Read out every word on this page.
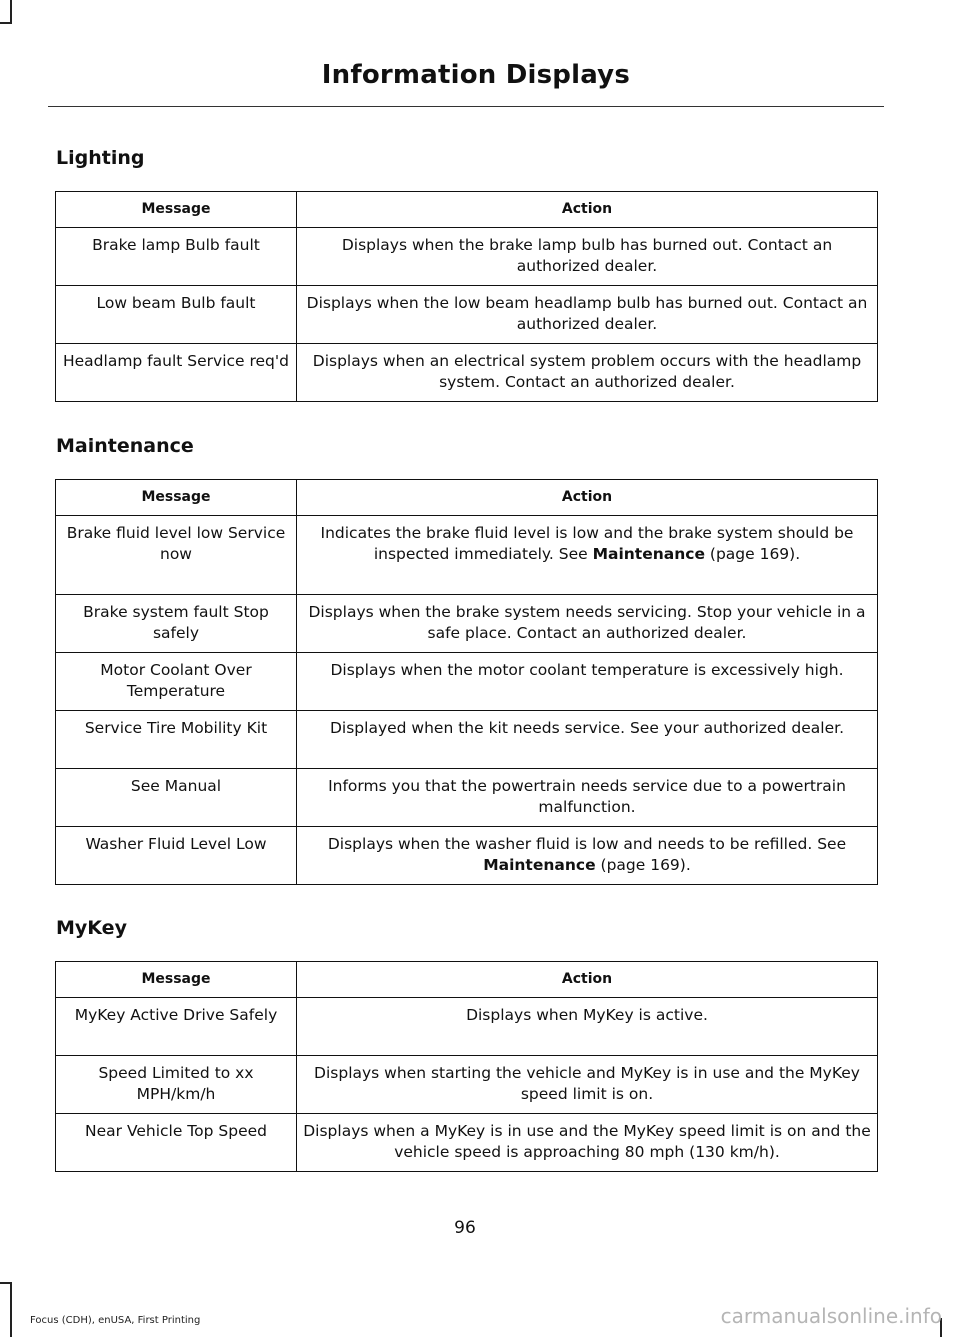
Information Displays
Lighting
Message	Action
Brake lamp Bulb fault	Displays when the brake lamp bulb has burned out. Contact an authorized dealer.
Low beam Bulb fault	Displays when the low beam headlamp bulb has burned out. Contact an authorized dealer.
Headlamp fault Service req'd	Displays when an electrical system problem occurs with the headlamp system. Contact an authorized dealer.
Maintenance
Message	Action
Brake fluid level low Service now	Indicates the brake fluid level is low and the brake system should be inspected immediately. See Maintenance (page 169).
Brake system fault Stop safely	Displays when the brake system needs servicing. Stop your vehicle in a safe place. Contact an authorized dealer.
Motor Coolant Over Temperature	Displays when the motor coolant temperature is excessively high.
Service Tire Mobility Kit	Displayed when the kit needs service. See your authorized dealer.
See Manual	Informs you that the powertrain needs service due to a powertrain malfunction.
Washer Fluid Level Low	Displays when the washer fluid is low and needs to be refilled. See Maintenance (page 169).
MyKey
Message	Action
MyKey Active Drive Safely	Displays when MyKey is active.
Speed Limited to xx MPH/km/h	Displays when starting the vehicle and MyKey is in use and the MyKey speed limit is on.
Near Vehicle Top Speed	Displays when a MyKey is in use and the MyKey speed limit is on and the vehicle speed is approaching 80 mph (130 km/h).
96
Focus (CDH), enUSA, First Printing	carmanualsonline.info
